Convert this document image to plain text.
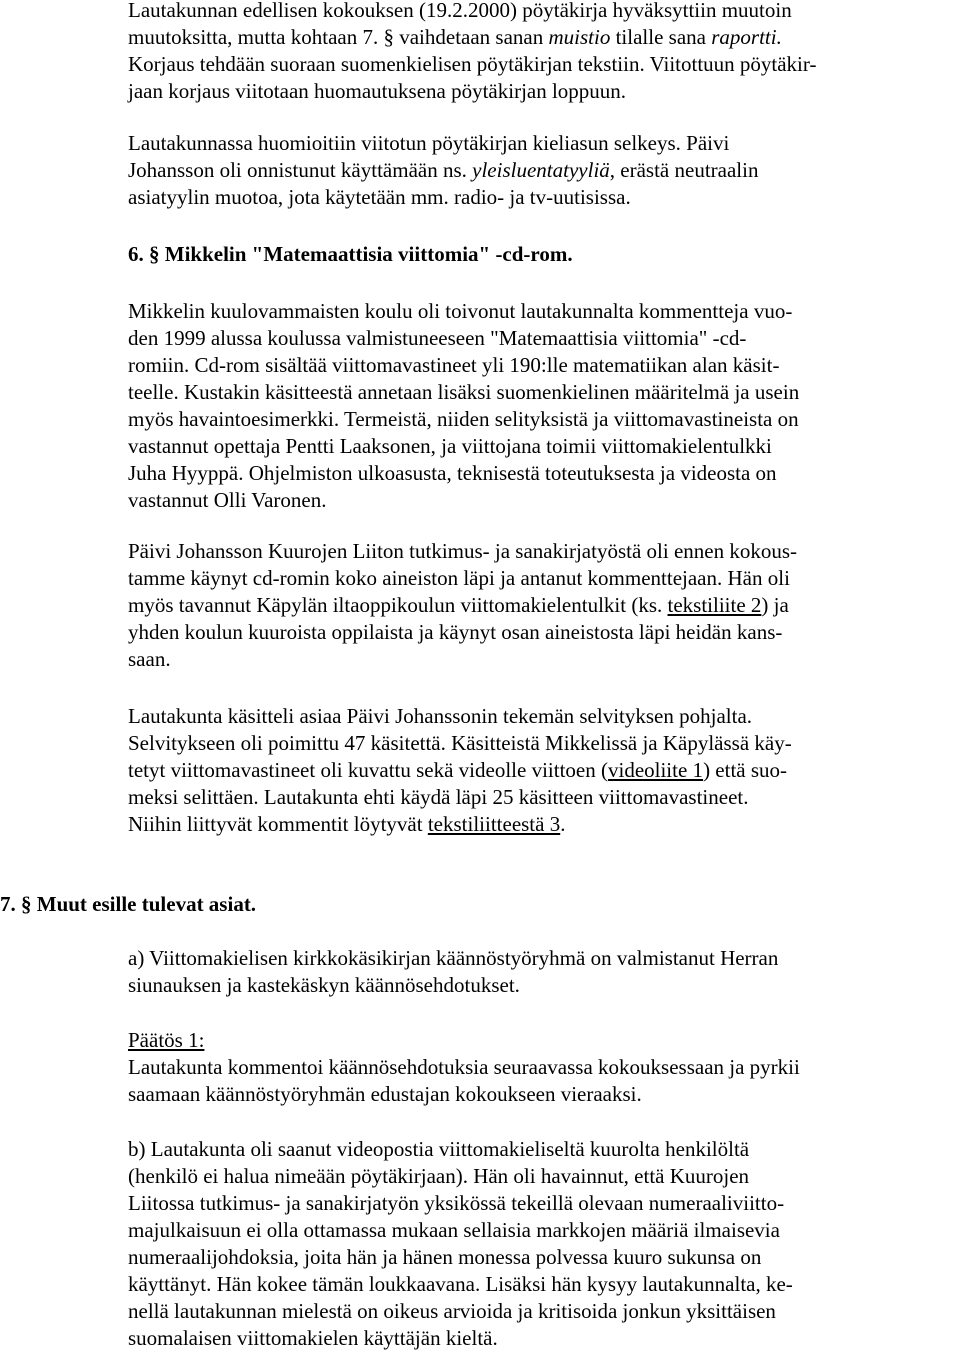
Lautakunnan edellisen kokouksen (19.2.2000) pöytäkirja hyväksyttiin muutoin
muutoksitta, mutta kohtaan 7. § vaihdetaan sanan muistio tilalle sana raportti.
Korjaus tehdään suoraan suomenkielisen pöytäkirjan tekstiin. Viitottuun pöytäkir-
jaan korjaus viitotaan huomautuksena pöytäkirjan loppuun.
Lautakunnassa huomioitiin viitotun pöytäkirjan kieliasun selkeys. Päivi
Johansson oli onnistunut käyttämään ns. yleisluentatyyliä, erästä neutraalin
asiatyylin muotoa, jota käytetään mm. radio- ja tv-uutisissa.
6. § Mikkelin "Matemaattisia viittomia" -cd-rom.
Mikkelin kuulovammaisten koulu oli toivonut lautakunnalta kommentteja vuo-
den 1999 alussa koulussa valmistuneeseen "Matemaattisia viittomia" -cd-
romiin. Cd-rom sisältää viittomavastineet yli 190:lle matematiikan alan käsit-
teelle. Kustakin käsitteestä annetaan lisäksi suomenkielinen määritelmä ja usein
myös havaintoesimerkki. Termeistä, niiden selityksistä ja viittomavastineista on
vastannut opettaja Pentti Laaksonen, ja viittojana toimii viittomakielentulkki
Juha Hyyppä. Ohjelmiston ulkoasusta, teknisestä toteutuksesta ja videosta on
vastannut Olli Varonen.
Päivi Johansson Kuurojen Liiton tutkimus- ja sanakirjatyöstä oli ennen kokous-
tamme käynyt cd-romin koko aineiston läpi ja antanut kommenttejaan. Hän oli
myös tavannut Käpylän iltaoppikoulun viittomakielentulkit (ks. tekstiliite 2) ja
yhden koulun kuuroista oppilaista ja käynyt osan aineistosta läpi heidän kans-
saan.
Lautakunta käsitteli asiaa Päivi Johanssonin tekemän selvityksen pohjalta.
Selvitykseen oli poimittu 47 käsitettä. Käsitteistä Mikkelissä ja Käpylässä käy-
tetyt viittomavastineet oli kuvattu sekä videolle viittoen (videoliite 1) että suo-
meksi selittäen. Lautakunta ehti käydä läpi 25 käsitteen viittomavastineet.
Niihin liittyvät kommentit löytyvät tekstiliitteestä 3.
7. § Muut esille tulevat asiat.
a) Viittomakielisen kirkkokäsikirjan käännöstyöryhmä on valmistanut Herran
siunauksen ja kastekäskyn käännösehdotukset.
Päätös 1:
Lautakunta kommentoi käännösehdotuksia seuraavassa kokouksessaan ja pyrkii
saamaan käännöstyöryhmän edustajan kokoukseen vieraaksi.
b) Lautakunta oli saanut videopostia viittomakieliseltä kuurolta henkilöltä
(henkilö ei halua nimeään pöytäkirjaan). Hän oli havainnut, että Kuurojen
Liitossa tutkimus- ja sanakirjatyön yksikössä tekeillä olevaan numeraaliviitto-
majulkaisuun ei olla ottamassa mukaan sellaisia markkojen määriä ilmaisevia
numeraalijohdoksia, joita hän ja hänen monessa polvessa kuuro sukunsa on
käyttänyt. Hän kokee tämän loukkaavana. Lisäksi hän kysyy lautakunnalta, ke-
nellä lautakunnan mielestä on oikeus arvioida ja kritisoida jonkun yksittäisen
suomalaisen viittomakielen käyttäjän kieltä.
